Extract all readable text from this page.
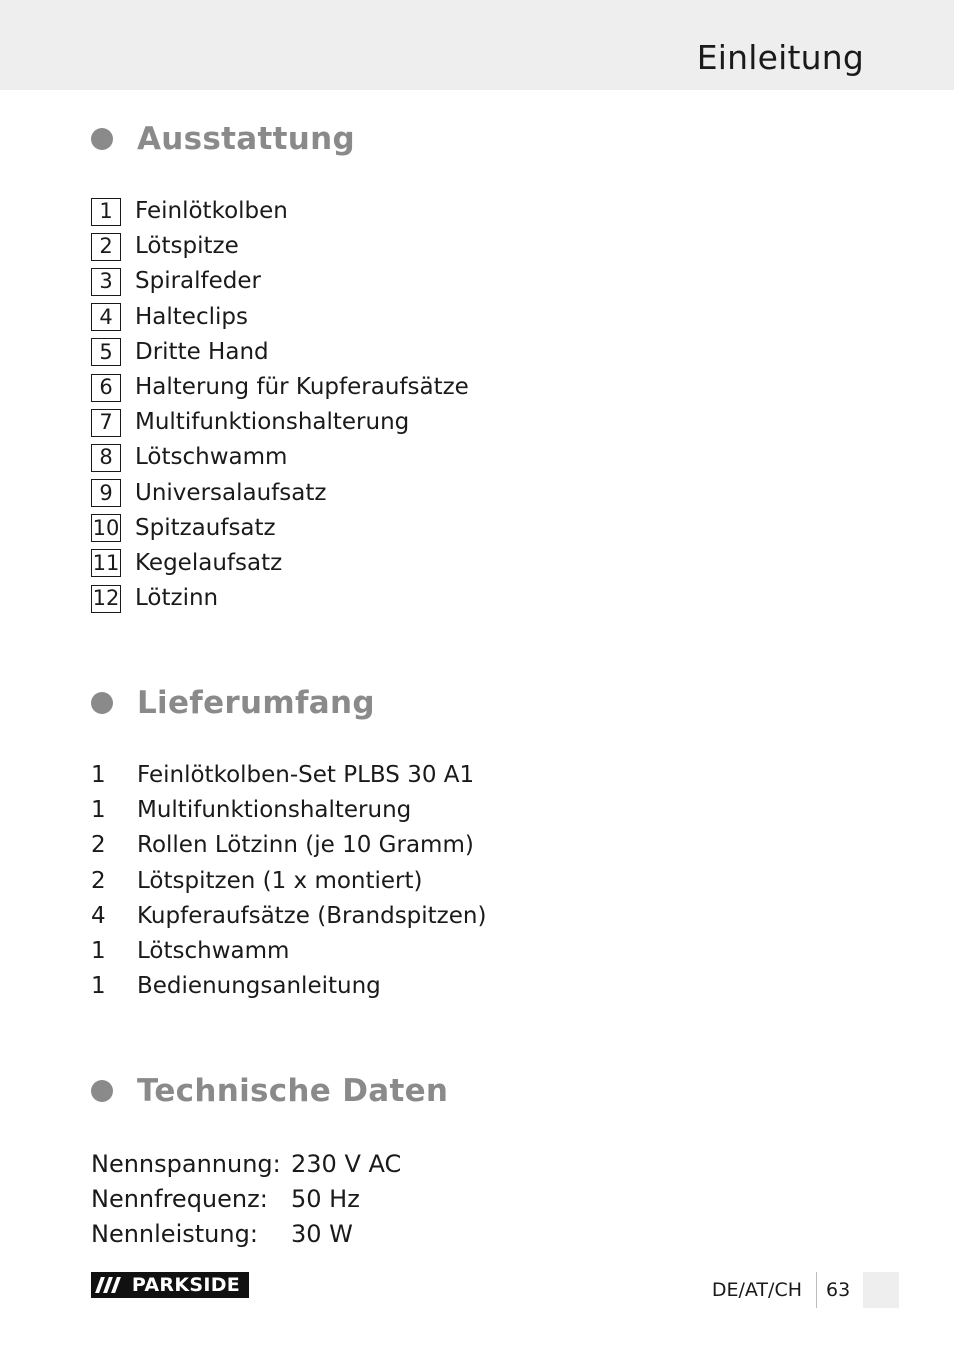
Einleitung
Ausstattung
1 Feinlötkolben
2 Lötspitze
3 Spiralfeder
4 Halteclips
5 Dritte Hand
6 Halterung für Kupferaufsätze
7 Multifunktionshalterung
8 Lötschwamm
9 Universalaufsatz
10 Spitzaufsatz
11 Kegelaufsatz
12 Lötzinn
Lieferumfang
1	Feinlötkolben-Set PLBS 30 A1
1	Multifunktionshalterung
2	Rollen Lötzinn (je 10 Gramm)
2	Lötspitzen (1 x montiert)
4	Kupferaufsätze (Brandspitzen)
1	Lötschwamm
1	Bedienungsanleitung
Technische Daten
Nennspannung: 230 V AC
Nennfrequenz: 50 Hz
Nennleistung:	30 W
PARKSIDE	DE/AT/CH 63
